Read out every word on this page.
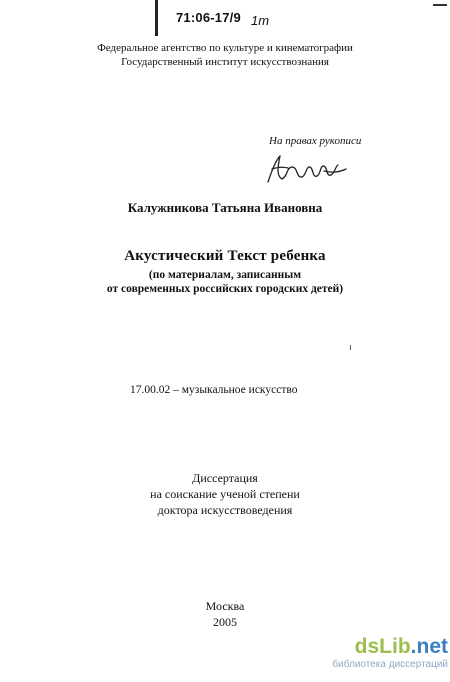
71:06-17/9 1т
Федеральное агентство по культуре и кинематографии
Государственный институт искусствознания
На правах рукописи
Калужникова Татьяна Ивановна
Акустический Текст ребенка
(по материалам, записанным
от современных российских городских детей)
17.00.02 – музыкальное искусство
Диссертация
на соискание ученой степени
доктора искусствоведения
Москва
2005
dsLib.net
библиотека диссертаций
